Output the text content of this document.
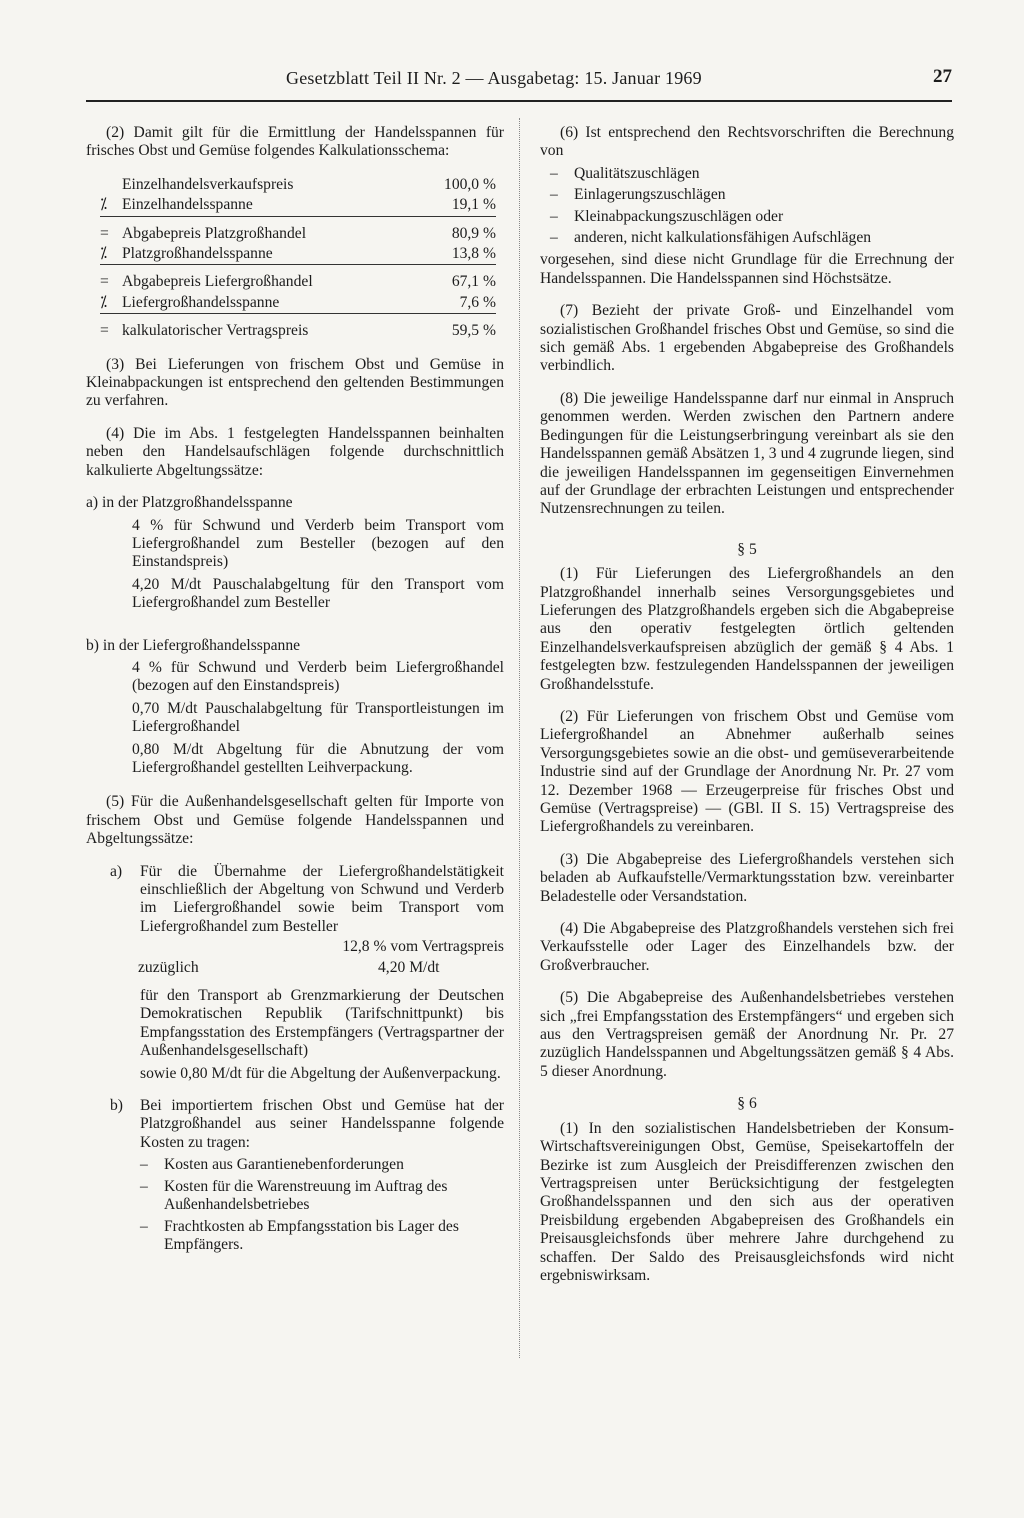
Gesetzblatt Teil II Nr. 2 — Ausgabetag: 15. Januar 1969	27

(2) Damit gilt für die Ermittlung der Handelsspannen für frisches Obst und Gemüse folgendes Kalkulationsschema:

Einzelhandelsverkaufspreis	100,0 %
⁒ Einzelhandelsspanne	19,1 %
= Abgabepreis Platzgroßhandel	80,9 %
⁒ Platzgroßhandelsspanne	13,8 %
= Abgabepreis Liefergroßhandel	67,1 %
⁒ Liefergroßhandelsspanne	7,6 %
= kalkulatorischer Vertragspreis	59,5 %

(3) Bei Lieferungen von frischem Obst und Gemüse in Kleinabpackungen ist entsprechend den geltenden Bestimmungen zu verfahren.

(4) Die im Abs. 1 festgelegten Handelsspannen beinhalten neben den Handelsaufschlägen folgende durchschnittlich kalkulierte Abgeltungssätze:

a) in der Platzgroßhandelsspanne

4 % für Schwund und Verderb beim Transport vom Liefergroßhandel zum Besteller (bezogen auf den Einstandspreis)

4,20 M/dt Pauschalabgeltung für den Transport vom Liefergroßhandel zum Besteller

b) in der Liefergroßhandelsspanne

4 % für Schwund und Verderb beim Liefergroßhandel (bezogen auf den Einstandspreis)

0,70 M/dt Pauschalabgeltung für Transportleistungen im Liefergroßhandel

0,80 M/dt Abgeltung für die Abnutzung der vom Liefergroßhandel gestellten Leihverpackung.

(5) Für die Außenhandelsgesellschaft gelten für Importe von frischem Obst und Gemüse folgende Handelsspannen und Abgeltungssätze:

a) Für die Übernahme der Liefergroßhandelstätigkeit einschließlich der Abgeltung von Schwund und Verderb im Liefergroßhandel sowie beim Transport vom Liefergroßhandel zum Besteller

12,8 % vom Vertragspreis

zuzüglich	4,20 M/dt

für den Transport ab Grenzmarkierung der Deutschen Demokratischen Republik (Tarifschnittpunkt) bis Empfangsstation des Erstempfängers (Vertragspartner der Außenhandelsgesellschaft)

sowie 0,80 M/dt für die Abgeltung der Außenverpackung.

b) Bei importiertem frischen Obst und Gemüse hat der Platzgroßhandel aus seiner Handelsspanne folgende Kosten zu tragen:

– Kosten aus Garantienebenforderungen
– Kosten für die Warenstreuung im Auftrag des Außenhandelsbetriebes
– Frachtkosten ab Empfangsstation bis Lager des Empfängers.

(6) Ist entsprechend den Rechtsvorschriften die Berechnung von

– Qualitätszuschlägen
– Einlagerungszuschlägen
– Kleinabpackungszuschlägen oder
– anderen, nicht kalkulationsfähigen Aufschlägen

vorgesehen, sind diese nicht Grundlage für die Errechnung der Handelsspannen. Die Handelsspannen sind Höchstsätze.

(7) Bezieht der private Groß- und Einzelhandel vom sozialistischen Großhandel frisches Obst und Gemüse, so sind die sich gemäß Abs. 1 ergebenden Abgabepreise des Großhandels verbindlich.

(8) Die jeweilige Handelsspanne darf nur einmal in Anspruch genommen werden. Werden zwischen den Partnern andere Bedingungen für die Leistungserbringung vereinbart als sie den Handelsspannen gemäß Absätzen 1, 3 und 4 zugrunde liegen, sind die jeweiligen Handelsspannen im gegenseitigen Einvernehmen auf der Grundlage der erbrachten Leistungen und entsprechender Nutzensrechnungen zu teilen.

§ 5

(1) Für Lieferungen des Liefergroßhandels an den Platzgroßhandel innerhalb seines Versorgungsgebietes und Lieferungen des Platzgroßhandels ergeben sich die Abgabepreise aus den operativ festgelegten örtlich geltenden Einzelhandelsverkaufspreisen abzüglich der gemäß § 4 Abs. 1 festgelegten bzw. festzulegenden Handelsspannen der jeweiligen Großhandelsstufe.

(2) Für Lieferungen von frischem Obst und Gemüse vom Liefergroßhandel an Abnehmer außerhalb seines Versorgungsgebietes sowie an die obst- und gemüseverarbeitende Industrie sind auf der Grundlage der Anordnung Nr. Pr. 27 vom 12. Dezember 1968 — Erzeugerpreise für frisches Obst und Gemüse (Vertragspreise) — (GBl. II S. 15) Vertragspreise des Liefergroßhandels zu vereinbaren.

(3) Die Abgabepreise des Liefergroßhandels verstehen sich beladen ab Aufkaufstelle/Vermarktungsstation bzw. vereinbarter Beladestelle oder Versandstation.

(4) Die Abgabepreise des Platzgroßhandels verstehen sich frei Verkaufsstelle oder Lager des Einzelhandels bzw. der Großverbraucher.

(5) Die Abgabepreise des Außenhandelsbetriebes verstehen sich „frei Empfangsstation des Erstempfängers“ und ergeben sich aus den Vertragspreisen gemäß der Anordnung Nr. Pr. 27 zuzüglich Handelsspannen und Abgeltungssätzen gemäß § 4 Abs. 5 dieser Anordnung.

§ 6

(1) In den sozialistischen Handelsbetrieben der Konsum-Wirtschaftsvereinigungen Obst, Gemüse, Speisekartoffeln der Bezirke ist zum Ausgleich der Preisdifferenzen zwischen den Vertragspreisen unter Berücksichtigung der festgelegten Großhandelsspannen und den sich aus der operativen Preisbildung ergebenden Abgabepreisen des Großhandels ein Preisausgleichsfonds über mehrere Jahre durchgehend zu schaffen. Der Saldo des Preisausgleichsfonds wird nicht ergebniswirksam.
